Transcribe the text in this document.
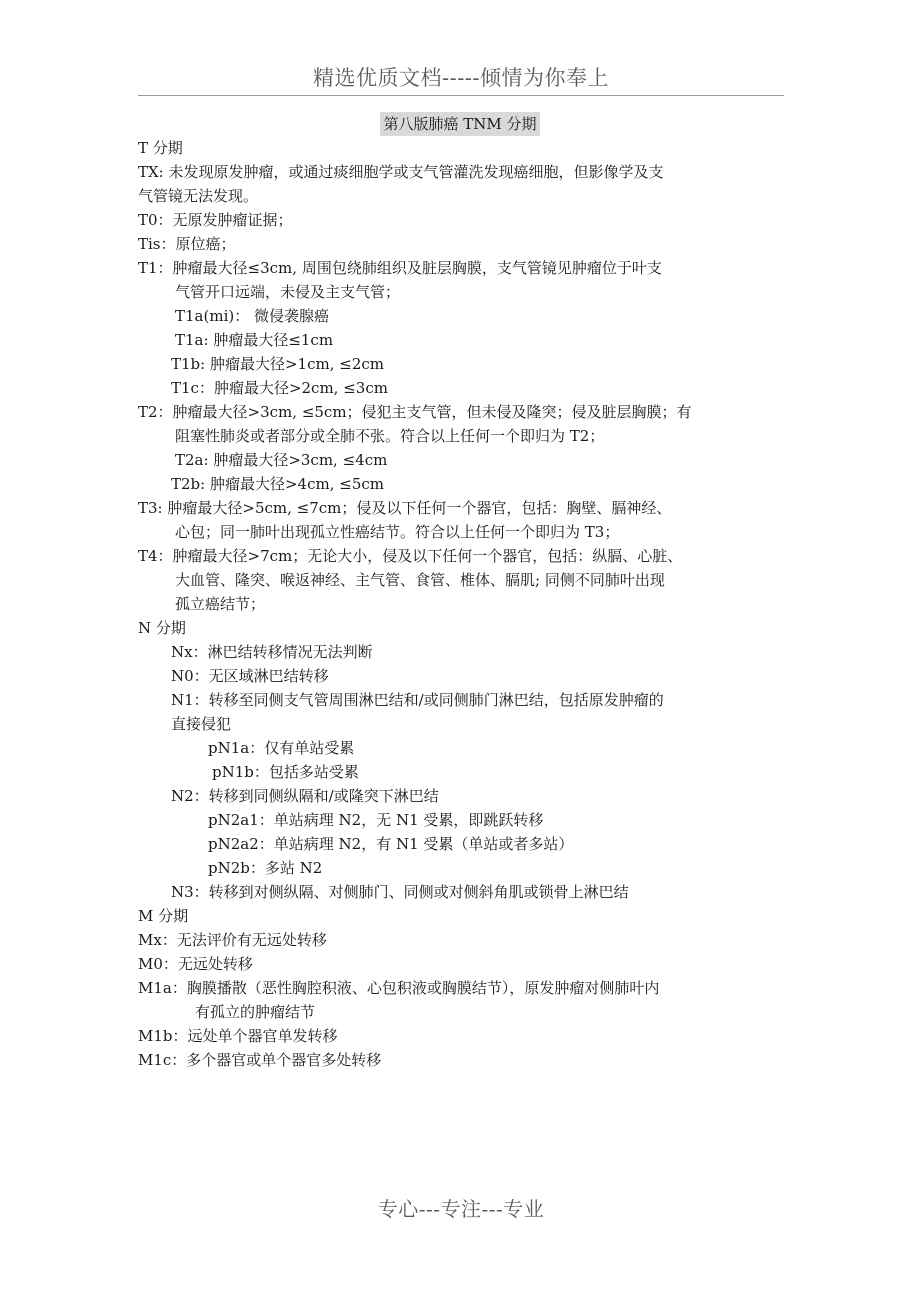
精选优质文档-----倾情为你奉上
第八版肺癌 TNM 分期
T 分期
TX: 未发现原发肿瘤，或通过痰细胞学或支气管灌洗发现癌细胞，但影像学及支
气管镜无法发现。
T0：无原发肿瘤证据；
Tis：原位癌；
T1：肿瘤最大径≤3cm, 周围包绕肺组织及脏层胸膜，支气管镜见肿瘤位于叶支
气管开口远端，未侵及主支气管；
T1a(mi)： 微侵袭腺癌
T1a: 肿瘤最大径≤1cm
T1b: 肿瘤最大径>1cm, ≤2cm
T1c：肿瘤最大径>2cm, ≤3cm
T2：肿瘤最大径>3cm, ≤5cm；侵犯主支气管，但未侵及隆突；侵及脏层胸膜；有
阻塞性肺炎或者部分或全肺不张。符合以上任何一个即归为 T2；
T2a: 肿瘤最大径>3cm, ≤4cm
T2b: 肿瘤最大径>4cm, ≤5cm
T3: 肿瘤最大径>5cm, ≤7cm；侵及以下任何一个器官，包括：胸壁、膈神经、
心包；同一肺叶出现孤立性癌结节。符合以上任何一个即归为 T3；
T4：肿瘤最大径>7cm；无论大小，侵及以下任何一个器官，包括：纵膈、心脏、
大血管、隆突、喉返神经、主气管、食管、椎体、膈肌; 同侧不同肺叶出现
孤立癌结节；
N 分期
Nx：淋巴结转移情况无法判断
N0：无区域淋巴结转移
N1：转移至同侧支气管周围淋巴结和/或同侧肺门淋巴结，包括原发肿瘤的
直接侵犯
pN1a：仅有单站受累
pN1b：包括多站受累
N2：转移到同侧纵隔和/或隆突下淋巴结
pN2a1：单站病理 N2，无 N1 受累，即跳跃转移
pN2a2：单站病理 N2，有 N1 受累（单站或者多站）
pN2b：多站 N2
N3：转移到对侧纵隔、对侧肺门、同侧或对侧斜角肌或锁骨上淋巴结
M 分期
Mx：无法评价有无远处转移
M0：无远处转移
M1a：胸膜播散（恶性胸腔积液、心包积液或胸膜结节），原发肿瘤对侧肺叶内
有孤立的肿瘤结节
M1b：远处单个器官单发转移
M1c：多个器官或单个器官多处转移
专心---专注---专业
